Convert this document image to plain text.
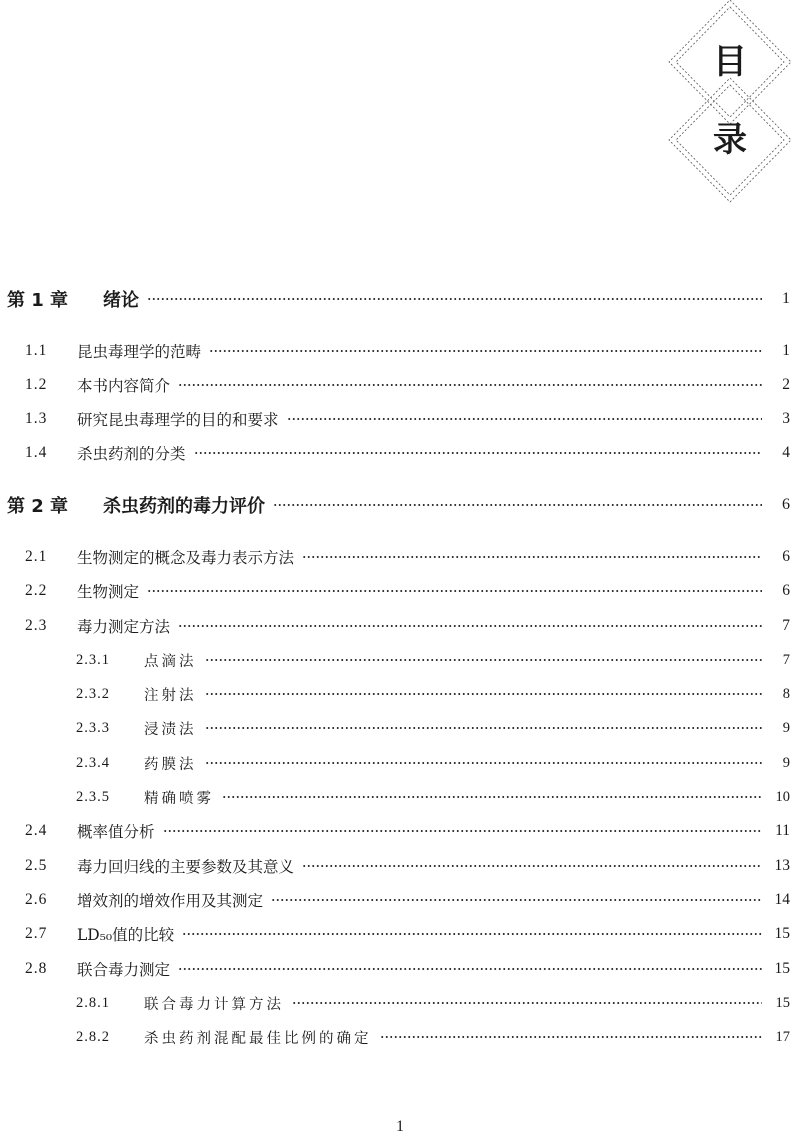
目
录
第 1 章	绪论	1
1.1	昆虫毒理学的范畴	1
1.2	本书内容简介	2
1.3	研究昆虫毒理学的目的和要求	3
1.4	杀虫药剂的分类	4
第 2 章	杀虫药剂的毒力评价	6
2.1	生物测定的概念及毒力表示方法	6
2.2	生物测定	6
2.3	毒力测定方法	7
2.3.1	点滴法	7
2.3.2	注射法	8
2.3.3	浸渍法	9
2.3.4	药膜法	9
2.3.5	精确喷雾	10
2.4	概率值分析	11
2.5	毒力回归线的主要参数及其意义	13
2.6	增效剂的增效作用及其测定	14
2.7	LD₅₀值的比较	15
2.8	联合毒力测定	15
2.8.1	联合毒力计算方法	15
2.8.2	杀虫药剂混配最佳比例的确定	17
1
